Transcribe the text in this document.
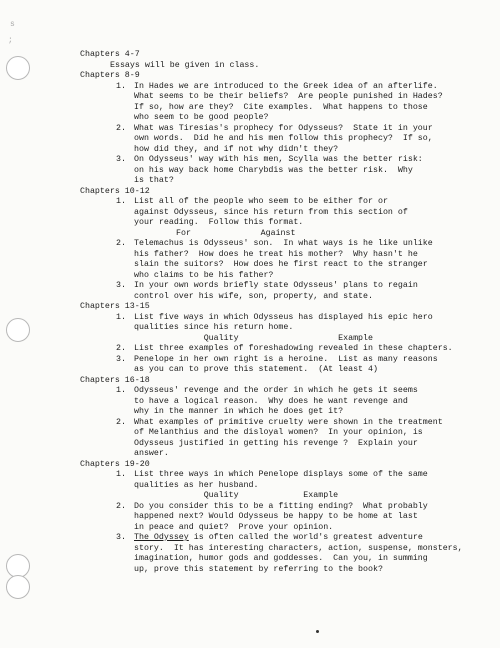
s
;
Chapters 4-7
Essays will be given in class.
Chapters 8-9
1. In Hades we are introduced to the Greek idea of an afterlife.
What seems to be their beliefs?  Are people punished in Hades?
If so, how are they?  Cite examples.  What happens to those
who seem to be good people?
2. What was Tiresias's prophecy for Odysseus?  State it in your
own words.  Did he and his men follow this prophecy?  If so,
how did they, and if not why didn't they?
3. On Odysseus' way with his men, Scylla was the better risk:
on his way back home Charybdis was the better risk.  Why
is that?
Chapters 10-12
1. List all of the people who seem to be either for or
against Odysseus, since his return from this section of
your reading.  Follow this format.
For              Against
2. Telemachus is Odysseus' son.  In what ways is he like unlike
his father?  How does he treat his mother?  Why hasn't he
slain the suitors?  How does he first react to the stranger
who claims to be his father?
3. In your own words briefly state Odysseus' plans to regain
control over his wife, son, property, and state.
Chapters 13-15
1. List five ways in which Odysseus has displayed his epic hero
qualities since his return home.
Quality                    Example
2. List three examples of foreshadowing revealed in these chapters.
3. Penelope in her own right is a heroine.  List as many reasons
as you can to prove this statement.  (At least 4)
Chapters 16-18
1. Odysseus' revenge and the order in which he gets it seems
to have a logical reason.  Why does he want revenge and
why in the manner in which he does get it?
2. What examples of primitive cruelty were shown in the treatment
of Melanthius and the disloyal women?  In your opinion, is
Odysseus justified in getting his revenge ?  Explain your
answer.
Chapters 19-20
1. List three ways in which Penelope displays some of the same
qualities as her husband.
Quality             Example
2. Do you consider this to be a fitting ending?  What probably
happened next? Would Odysseus be happy to be home at last
in peace and quiet?  Prove your opinion.
3. The Odyssey is often called the world's greatest adventure
story.  It has interesting characters, action, suspense, monsters,
imagination, humor gods and goddesses.  Can you, in summing
up, prove this statement by referring to the book?
